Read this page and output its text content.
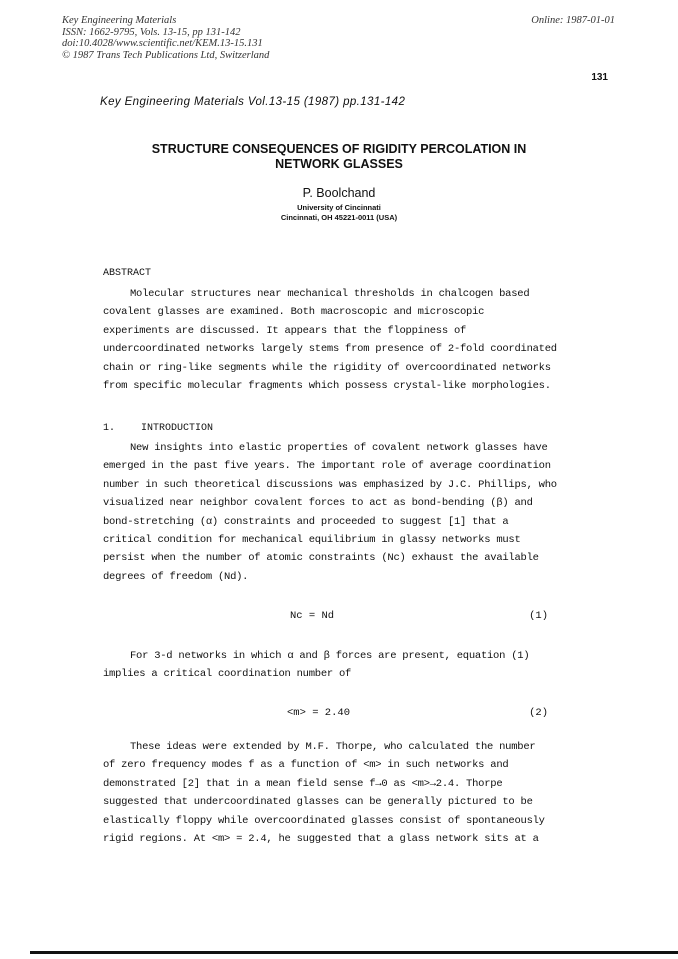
Key Engineering Materials
ISSN: 1662-9795, Vols. 13-15, pp 131-142
doi:10.4028/www.scientific.net/KEM.13-15.131
© 1987 Trans Tech Publications Ltd, Switzerland
Online: 1987-01-01
131
Key Engineering Materials Vol.13-15 (1987) pp.131-142
STRUCTURE CONSEQUENCES OF RIGIDITY PERCOLATION IN
NETWORK GLASSES
P. Boolchand
University of Cincinnati
Cincinnati, OH 45221-0011 (USA)
ABSTRACT
Molecular structures near mechanical thresholds in chalcogen based
covalent glasses are examined. Both macroscopic and microscopic
experiments are discussed. It appears that the floppiness of
undercoordinated networks largely stems from presence of 2-fold coordinated
chain or ring-like segments while the rigidity of overcoordinated networks
from specific molecular fragments which possess crystal-like morphologies.
1.	INTRODUCTION
New insights into elastic properties of covalent network glasses have
emerged in the past five years. The important role of average coordination
number in such theoretical discussions was emphasized by J.C. Phillips, who
visualized near neighbor covalent forces to act as bond-bending (β) and
bond-stretching (α) constraints and proceeded to suggest [1] that a
critical condition for mechanical equilibrium in glassy networks must
persist when the number of atomic constraints (Nc) exhaust the available
degrees of freedom (Nd).
Nc = Nd	(1)
For 3-d networks in which α and β forces are present, equation (1)
implies a critical coordination number of
<m> = 2.40	(2)
These ideas were extended by M.F. Thorpe, who calculated the number
of zero frequency modes f as a function of <m> in such networks and
demonstrated [2] that in a mean field sense f→0 as <m>→2.4. Thorpe
suggested that undercoordinated glasses can be generally pictured to be
elastically floppy while overcoordinated glasses consist of spontaneously
rigid regions. At <m> = 2.4, he suggested that a glass network sits at a
